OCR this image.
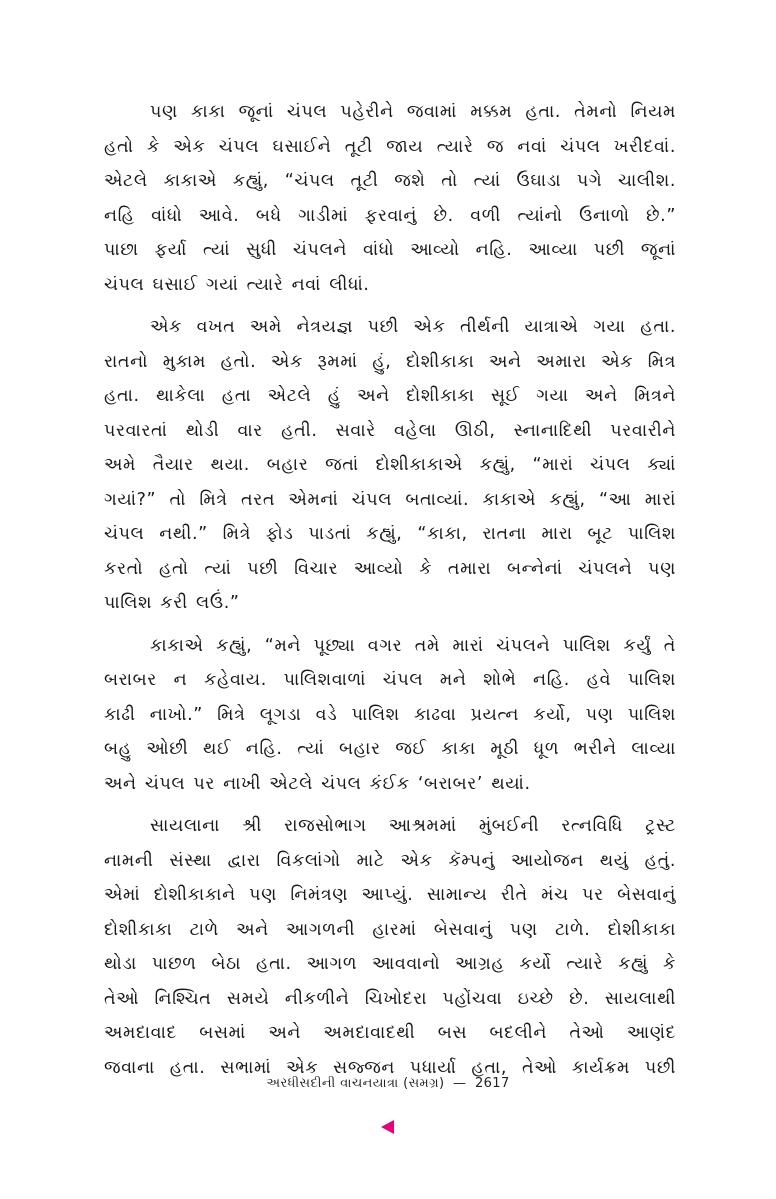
પણ કાકા જૂનાં ચંપલ પહેરીને જવામાં મક્કમ હતા. તેમનો નિયમ
હતો કે એક ચંપલ ઘસાઈને તૂટી જાય ત્યારે જ નવાં ચંપલ ખરીદવાં.
એટલે કાકાએ કહ્યું, “ચંપલ તૂટી જશે તો ત્યાં ઉઘાડા પગે ચાલીશ.
નહિ વાંધો આવે. બધે ગાડીમાં ફરવાનું છે. વળી ત્યાંનો ઉનાળો છે.”
પાછા ફર્યા ત્યાં સુધી ચંપલને વાંધો આવ્યો નહિ. આવ્યા પછી જૂનાં
ચંપલ ઘસાઈ ગયાં ત્યારે નવાં લીધાં.
એક વખત અમે નેત્રયજ્ઞ પછી એક તીર્થની યાત્રાએ ગયા હતા.
રાતનો મુકામ હતો. એક રૂમમાં હું, દોશીકાકા અને અમારા એક મિત્ર
હતા. થાકેલા હતા એટલે હું અને દોશીકાકા સૂઈ ગયા અને મિત્રને
પરવારતાં થોડી વાર હતી. સવારે વહેલા ઊઠી, સ્નાનાદિથી પરવારીને
અમે તૈયાર થયા. બહાર જતાં દોશીકાકાએ કહ્યું, “મારાં ચંપલ ક્યાં
ગયાં?” તો મિત્રે તરત એમનાં ચંપલ બતાવ્યાં. કાકાએ કહ્યું, “આ મારાં
ચંપલ નથી.” મિત્રે ફોડ પાડતાં કહ્યું, “કાકા, રાતના મારા બૂટ પાલિશ
કરતો હતો ત્યાં પછી વિચાર આવ્યો કે તમારા બન્નેનાં ચંપલને પણ
પાલિશ કરી લઉં.”
કાકાએ કહ્યું, “મને પૂછ્યા વગર તમે મારાં ચંપલને પાલિશ કર્યું તે
બરાબર ન કહેવાય. પાલિશવાળાં ચંપલ મને શોભે નહિ. હવે પાલિશ
કાઢી નાખો.” મિત્રે લૂગડા વડે પાલિશ કાઢવા પ્રયત્ન કર્યો, પણ પાલિશ
બહુ ઓછી થઈ નહિ. ત્યાં બહાર જઈ કાકા મૂઠી ધૂળ ભરીને લાવ્યા
અને ચંપલ પર નાખી એટલે ચંપલ કંઈક ‘બરાબર’ થયાં.
સાયલાના શ્રી રાજસોભાગ આશ્રમમાં મુંબઈની રત્નવિધિ ટ્રસ્ટ
નામની સંસ્થા દ્વારા વિકલાંગો માટે એક કૅમ્પનું આયોજન થયું હતું.
એમાં દોશીકાકાને પણ નિમંત્રણ આપ્યું. સામાન્ય રીતે મંચ પર બેસવાનું
દોશીકાકા ટાળે અને આગળની હારમાં બેસવાનું પણ ટાળે. દોશીકાકા
થોડા પાછળ બેઠા હતા. આગળ આવવાનો આગ્રહ કર્યો ત્યારે કહ્યું કે
તેઓ નિશ્ચિત સમયે નીકળીને ચિખોદરા પહોંચવા ઇચ્છે છે. સાયલાથી
અમદાવાદ બસમાં અને અમદાવાદથી બસ બદલીને તેઓ આણંદ
જવાના હતા. સભામાં એક સજ્જન પધાર્યા હતા, તેઓ કાર્યક્રમ પછી
અરધીસદીની વાચનયાત્રા (સમગ્ર) — 2617
